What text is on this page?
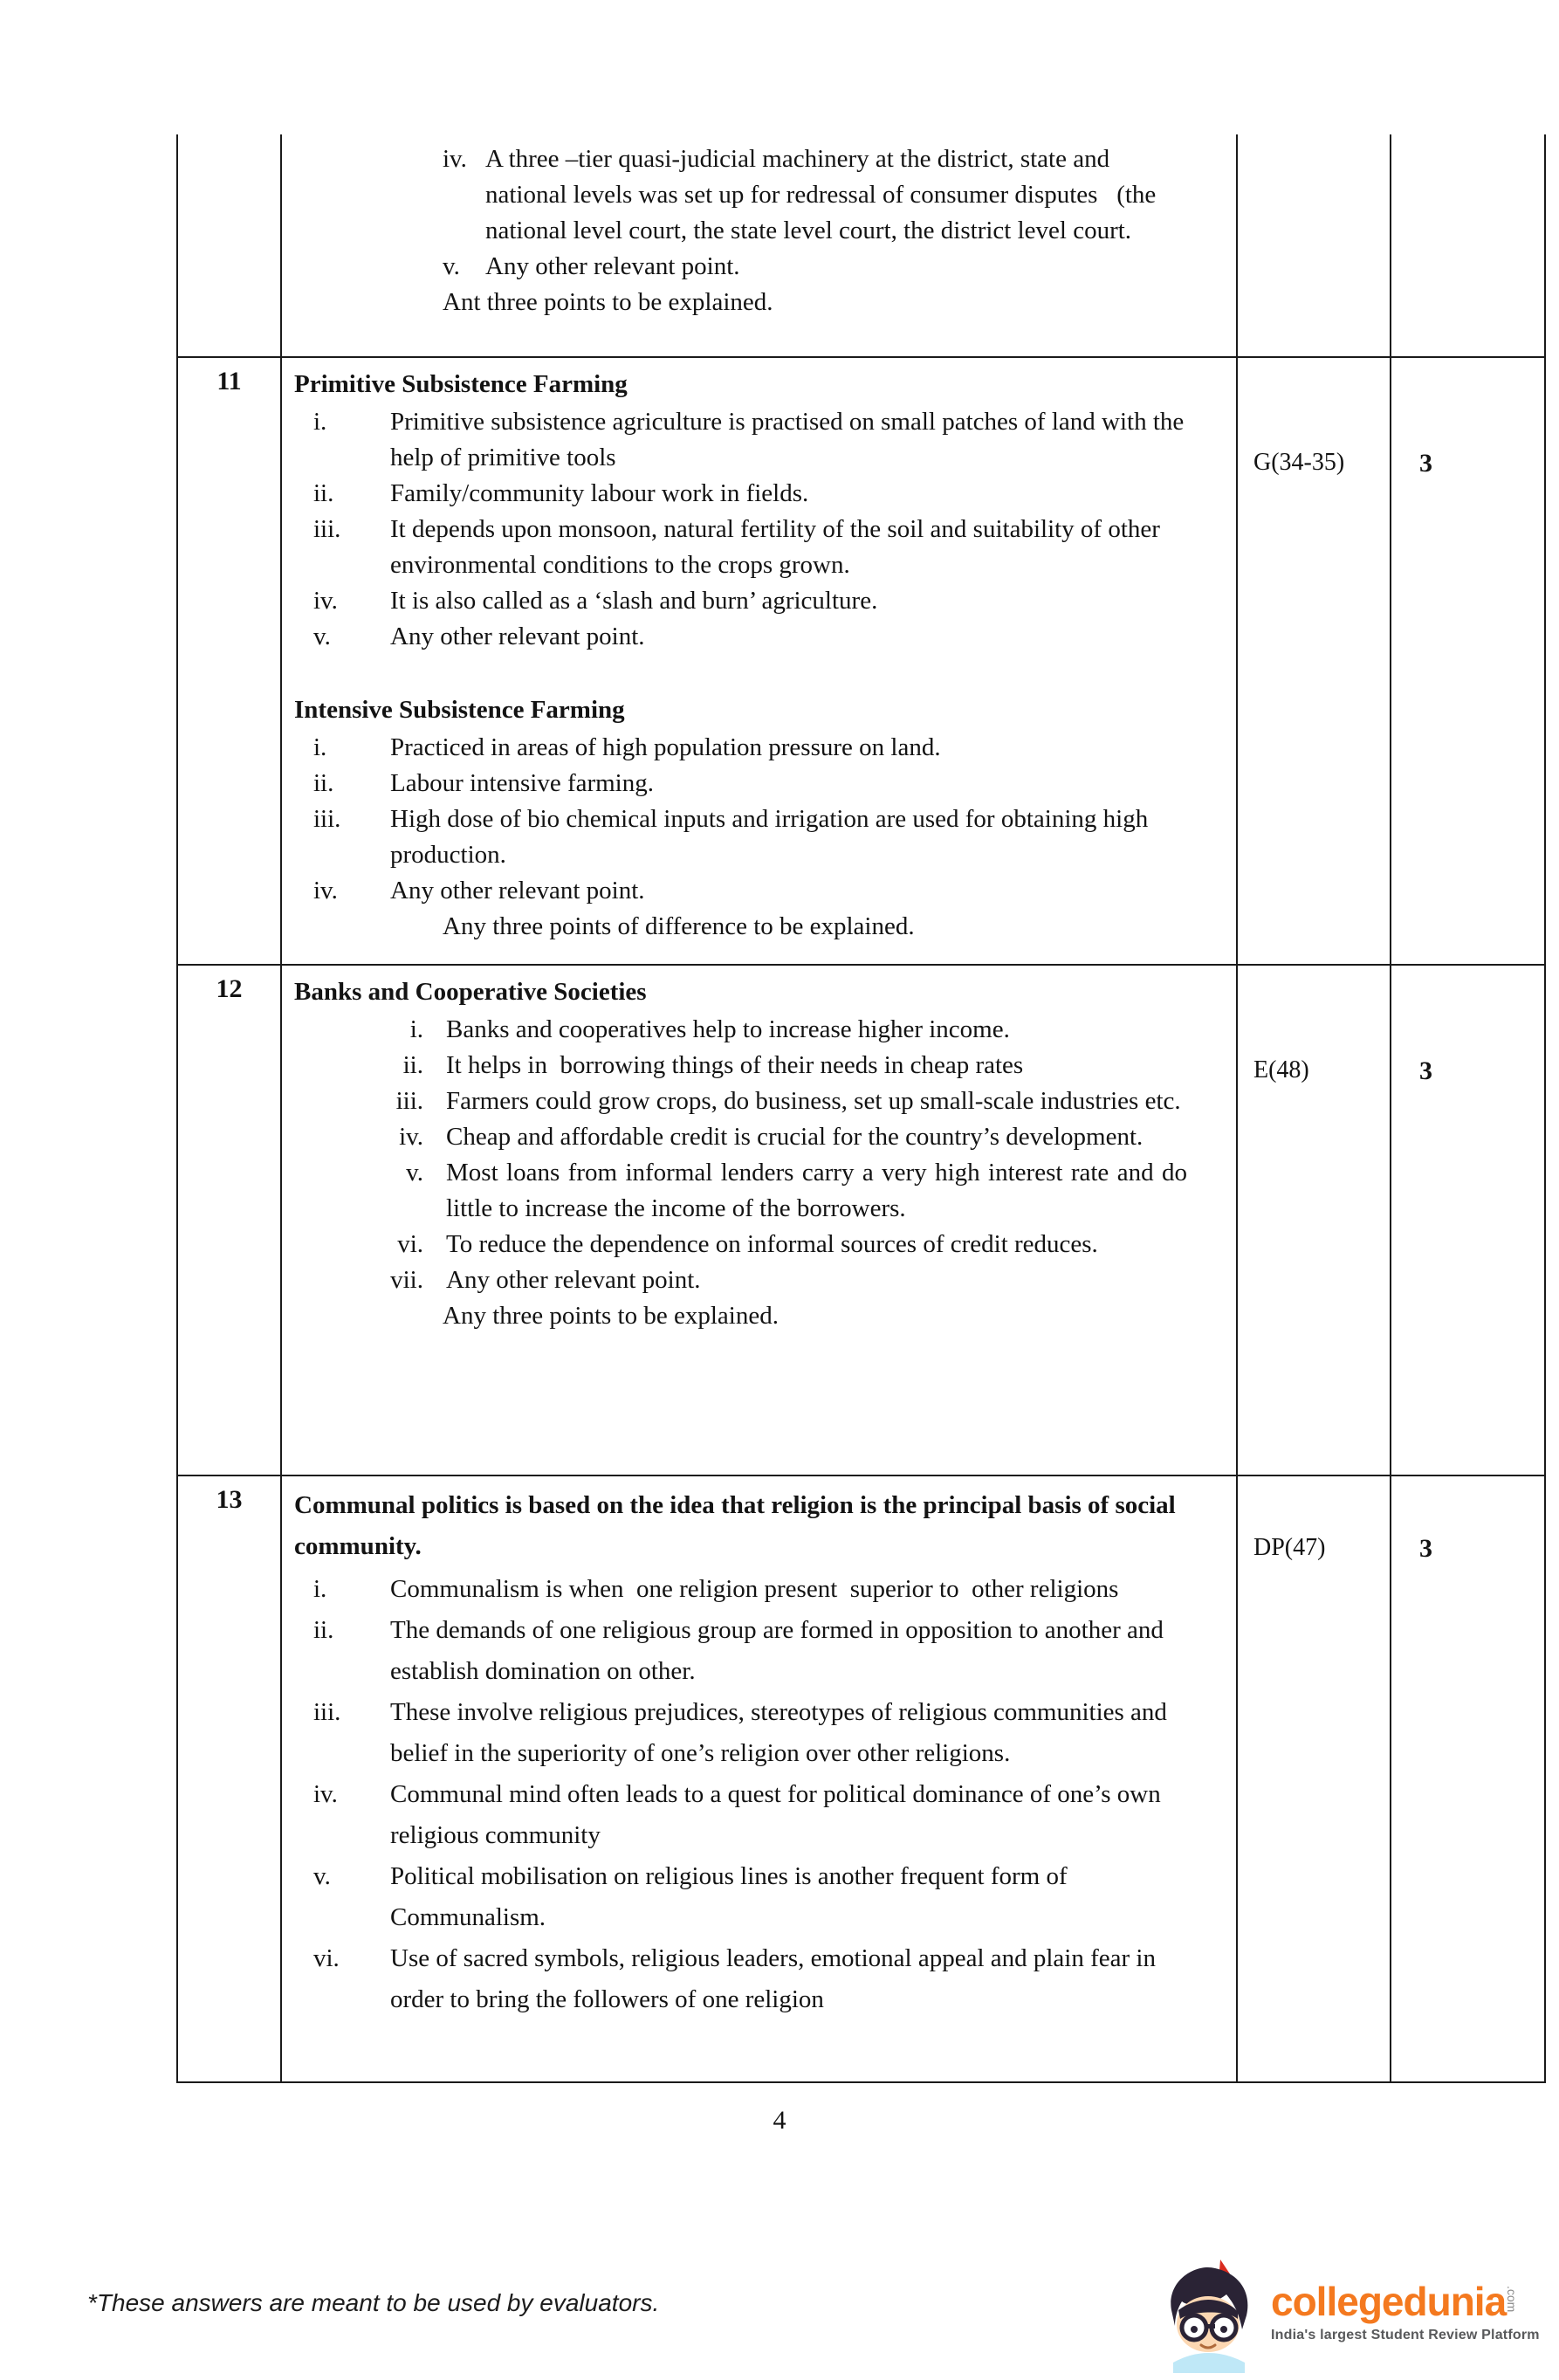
iv. A three –tier quasi-judicial machinery at the district, state and national levels was set up for redressal of consumer disputes   (the national level court, the state level court, the district level court.
v.	Any other relevant point.
Ant three points to be explained.
11	Primitive Subsistence Farming
i.	Primitive subsistence agriculture is practised on small patches of land with the help of primitive tools
ii.	Family/community labour work in fields.
iii.	It depends upon monsoon, natural fertility of the soil and suitability of other environmental conditions to the crops grown.
iv.	It is also called as a ‘slash and burn’ agriculture.
v.	Any other relevant point.
Intensive Subsistence Farming
i.	Practiced in areas of high population pressure on land.
ii.	Labour intensive farming.
iii.	High dose of bio chemical inputs and irrigation are used for obtaining high production.
iv.	Any other relevant point.
Any three points of difference to be explained.
G(34-35)	3
12	Banks and Cooperative Societies
i. Banks and cooperatives help to increase higher income.
ii. It helps in  borrowing things of their needs in cheap rates
iii. Farmers could grow crops, do business, set up small-scale industries etc.
iv. Cheap and affordable credit is crucial for the country’s development.
v. Most loans from informal lenders carry a very high interest rate and do little to increase the income of the borrowers.
vi. To reduce the dependence on informal sources of credit reduces.
vii. Any other relevant point.
Any three points to be explained.
E(48)	3
13	Communal politics is based on the idea that religion is the principal basis of social community.
i.	Communalism is when  one religion present  superior to  other religions
ii.	The demands of one religious group are formed in opposition to another and establish domination on other.
iii.	These involve religious prejudices, stereotypes of religious communities and belief in the superiority of one’s religion over other religions.
iv.	Communal mind often leads to a quest for political dominance of one’s own religious community
v.	Political mobilisation on religious lines is another frequent form of Communalism.
vi.	Use of sacred symbols, religious leaders, emotional appeal and plain fear in order to bring the followers of one religion
DP(47)	3
4
*These answers are meant to be used by evaluators.	collegedunia .com
India's largest Student Review Platform
